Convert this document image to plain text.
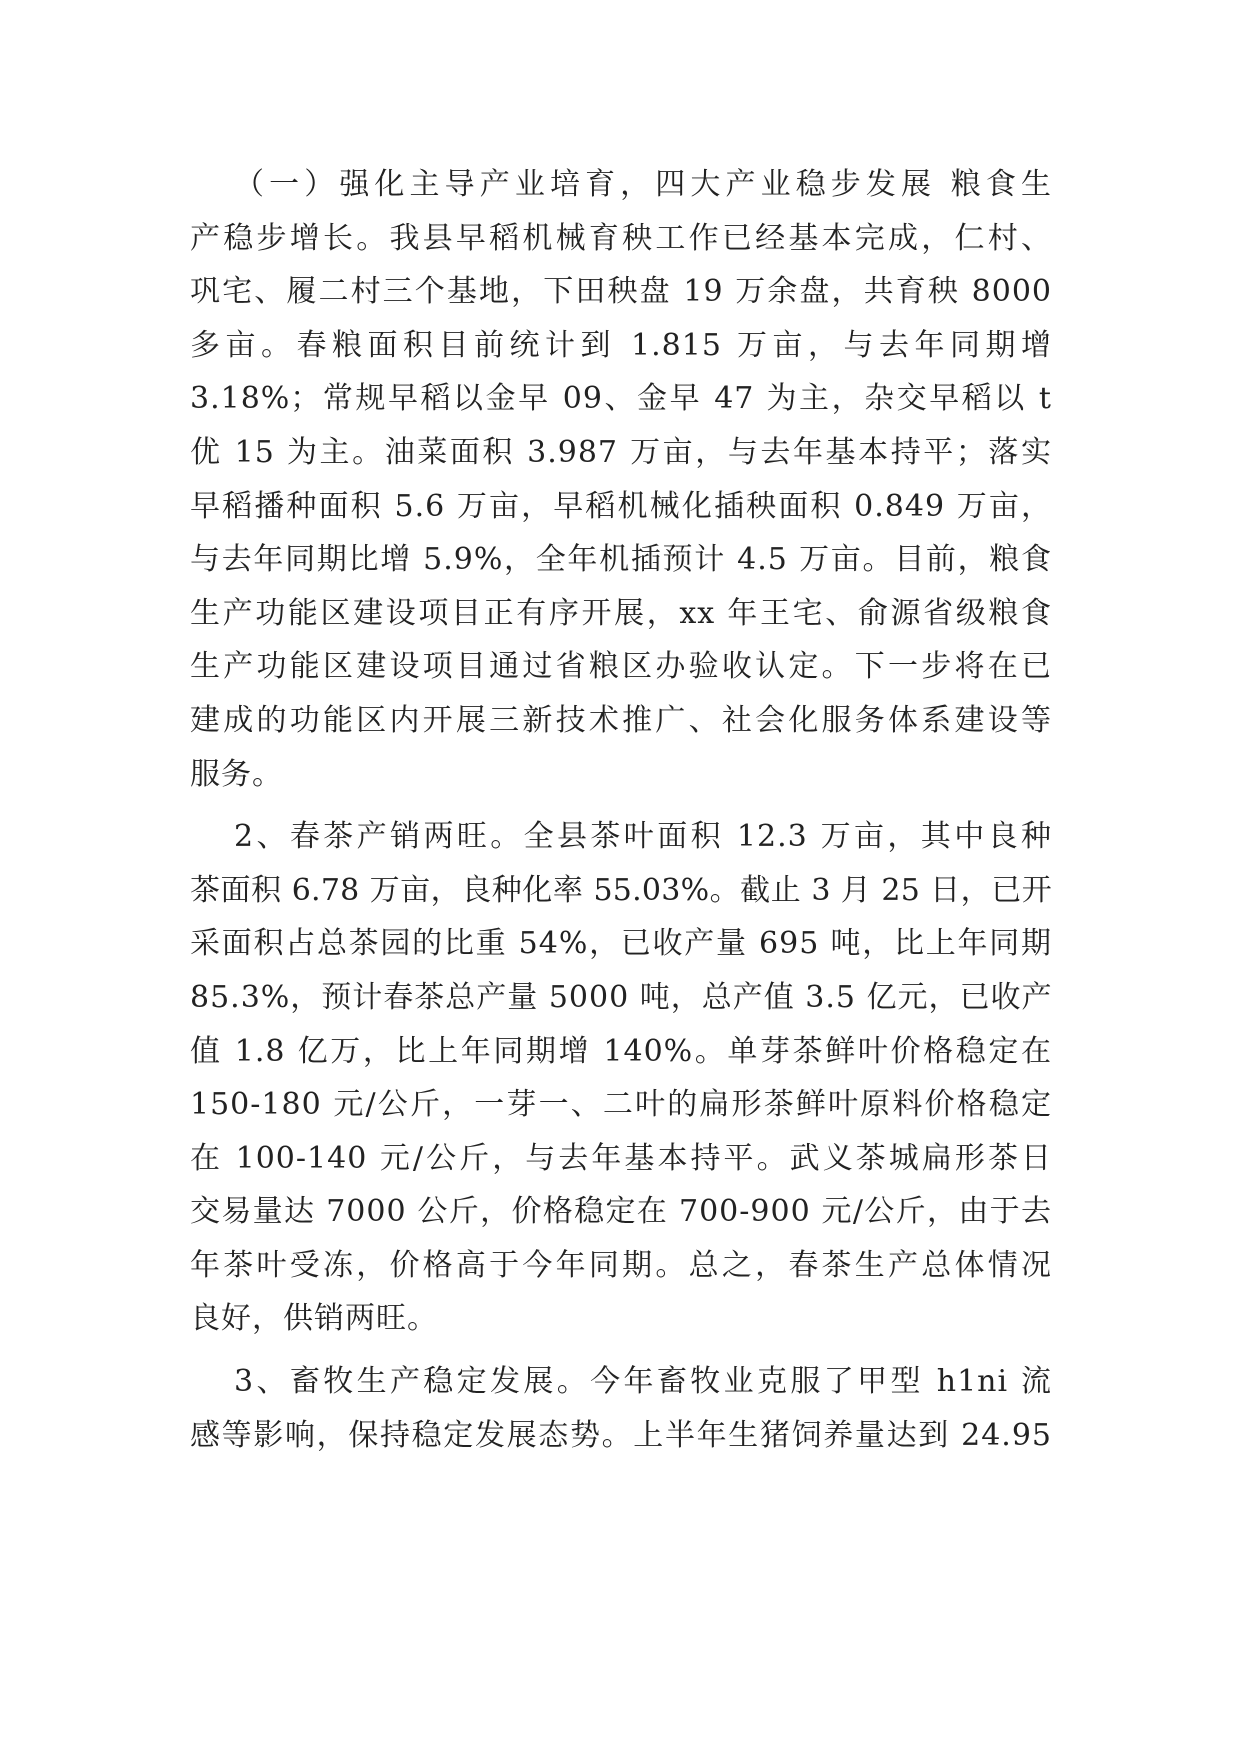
（一）强化主导产业培育，四大产业稳步发展 粮食生
产稳步增长。我县早稻机械育秧工作已经基本完成，仁村、
巩宅、履二村三个基地，下田秧盘 19 万余盘，共育秧 8000
多亩。春粮面积目前统计到 1.815 万亩，与去年同期增
3.18%；常规早稻以金早 09、金早 47 为主，杂交早稻以 t
优 15 为主。油菜面积 3.987 万亩，与去年基本持平；落实
早稻播种面积 5.6 万亩，早稻机械化插秧面积 0.849 万亩，
与去年同期比增 5.9%，全年机插预计 4.5 万亩。目前，粮食
生产功能区建设项目正有序开展，xx 年王宅、俞源省级粮食
生产功能区建设项目通过省粮区办验收认定。下一步将在已
建成的功能区内开展三新技术推广、社会化服务体系建设等
服务。
2、春茶产销两旺。全县茶叶面积 12.3 万亩，其中良种
茶面积 6.78 万亩，良种化率 55.03%。截止 3 月 25 日，已开
采面积占总茶园的比重 54%，已收产量 695 吨，比上年同期
85.3%，预计春茶总产量 5000 吨，总产值 3.5 亿元，已收产
值 1.8 亿万，比上年同期增 140%。单芽茶鲜叶价格稳定在
150-180 元/公斤，一芽一、二叶的扁形茶鲜叶原料价格稳定
在 100-140 元/公斤，与去年基本持平。武义茶城扁形茶日
交易量达 7000 公斤，价格稳定在 700-900 元/公斤，由于去
年茶叶受冻，价格高于今年同期。总之，春茶生产总体情况
良好，供销两旺。
3、畜牧生产稳定发展。今年畜牧业克服了甲型 h1ni 流
感等影响，保持稳定发展态势。上半年生猪饲养量达到 24.95
